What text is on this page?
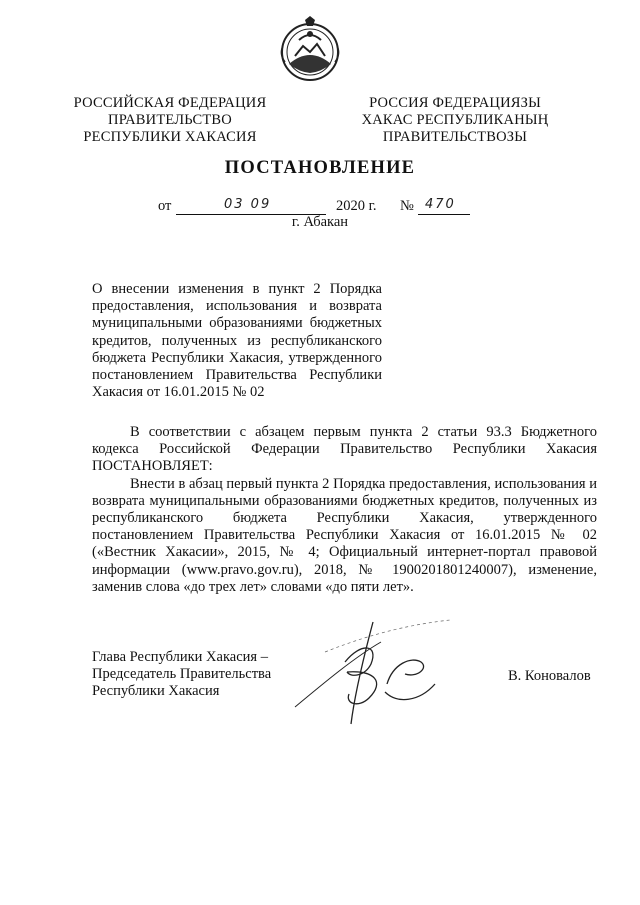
РОССИЙСКАЯ ФЕДЕРАЦИЯ
ПРАВИТЕЛЬСТВО
РЕСПУБЛИКИ ХАКАСИЯ
РОССИЯ ФЕДЕРАЦИЯЗЫ
ХАКАС РЕСПУБЛИКАНЫҢ
ПРАВИТЕЛЬСТВОЗЫ
ПОСТАНОВЛЕНИЕ
от	03 09	2020 г. № 470
г. Абакан

О внесении изменения в пункт 2 Порядка

предоставления, использования и возврата

муниципальными образованиями бюджетных

кредитов, полученных из республиканского

бюджета Республики Хакасия, утвержденного

постановлением Правительства Республики

Хакасия от 16.01.2015 № 02

В соответствии с абзацем первым пункта 2 статьи 93.3 Бюджетного кодекса Российской Федерации Правительство Республики Хакасия ПОСТАНОВЛЯЕТ:

Внести в абзац первый пункта 2 Порядка предоставления, использования и возврата муниципальными образованиями бюджетных кредитов, полученных из республиканского бюджета Республики Хакасия, утвержденного постановлением Правительства Республики Хакасия от 16.01.2015 № 02 («Вестник Хакасии», 2015, № 4; Официальный интернет-портал правовой информации (www.pravo.gov.ru), 2018, № 1900201801240007), изменение, заменив слова «до трех лет» словами «до пяти лет».

Глава Республики Хакасия –
Председатель Правительства
Республики Хакасия
В. Коновалов
